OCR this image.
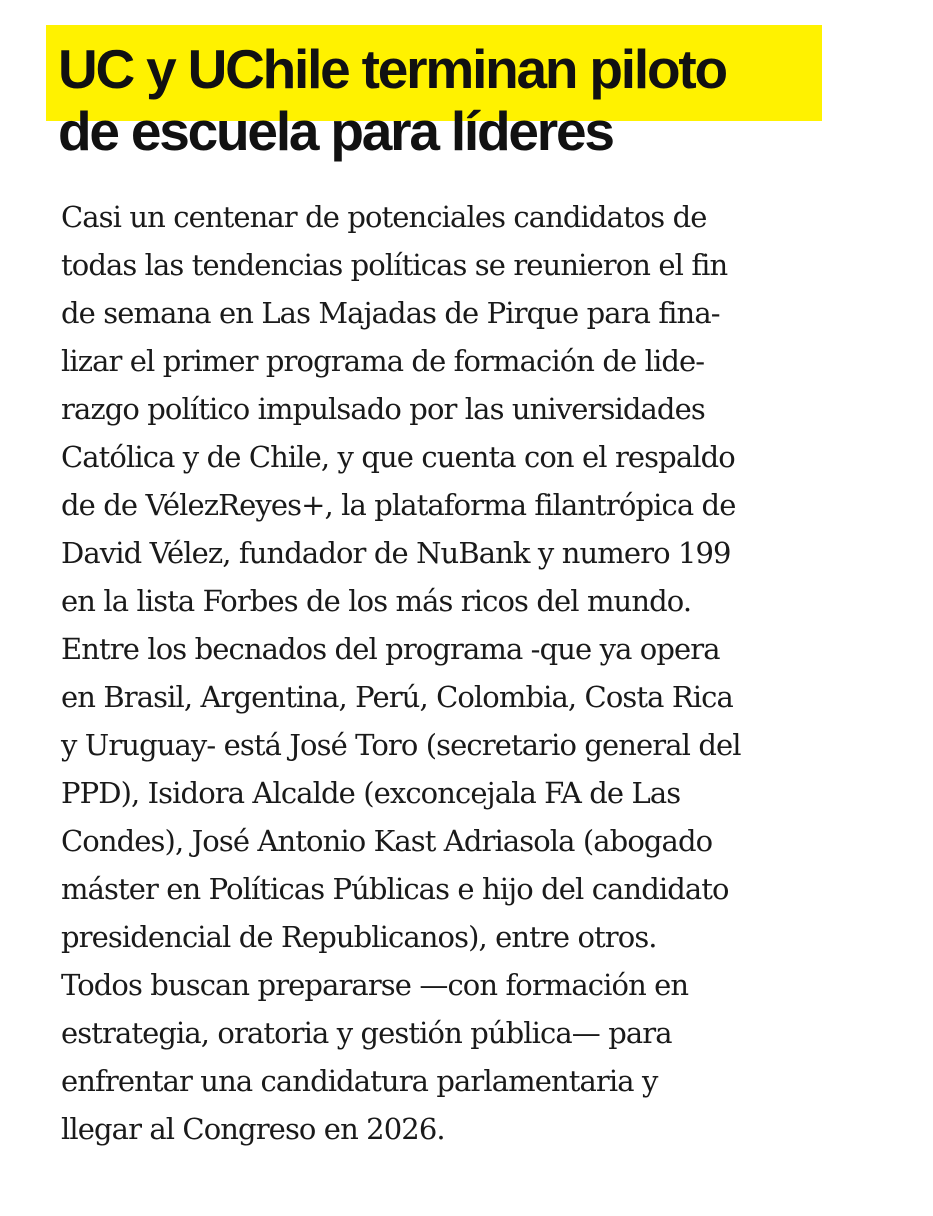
UC y UChile terminan piloto
de escuela para líderes

Casi un centenar de potenciales candidatos de
todas las tendencias políticas se reunieron el fin
de semana en Las Majadas de Pirque para fina-
lizar el primer programa de formación de lide-
razgo político impulsado por las universidades
Católica y de Chile, y que cuenta con el respaldo
de de VélezReyes+, la plataforma filantrópica de
David Vélez, fundador de NuBank y numero 199
en la lista Forbes de los más ricos del mundo.
Entre los becnados del programa -que ya opera
en Brasil, Argentina, Perú, Colombia, Costa Rica
y Uruguay- está José Toro (secretario general del
PPD), Isidora Alcalde (exconcejala FA de Las
Condes), José Antonio Kast Adriasola (abogado
máster en Políticas Públicas e hijo del candidato
presidencial de Republicanos), entre otros.
Todos buscan prepararse —con formación en
estrategia, oratoria y gestión pública— para
enfrentar una candidatura parlamentaria y
llegar al Congreso en 2026.
